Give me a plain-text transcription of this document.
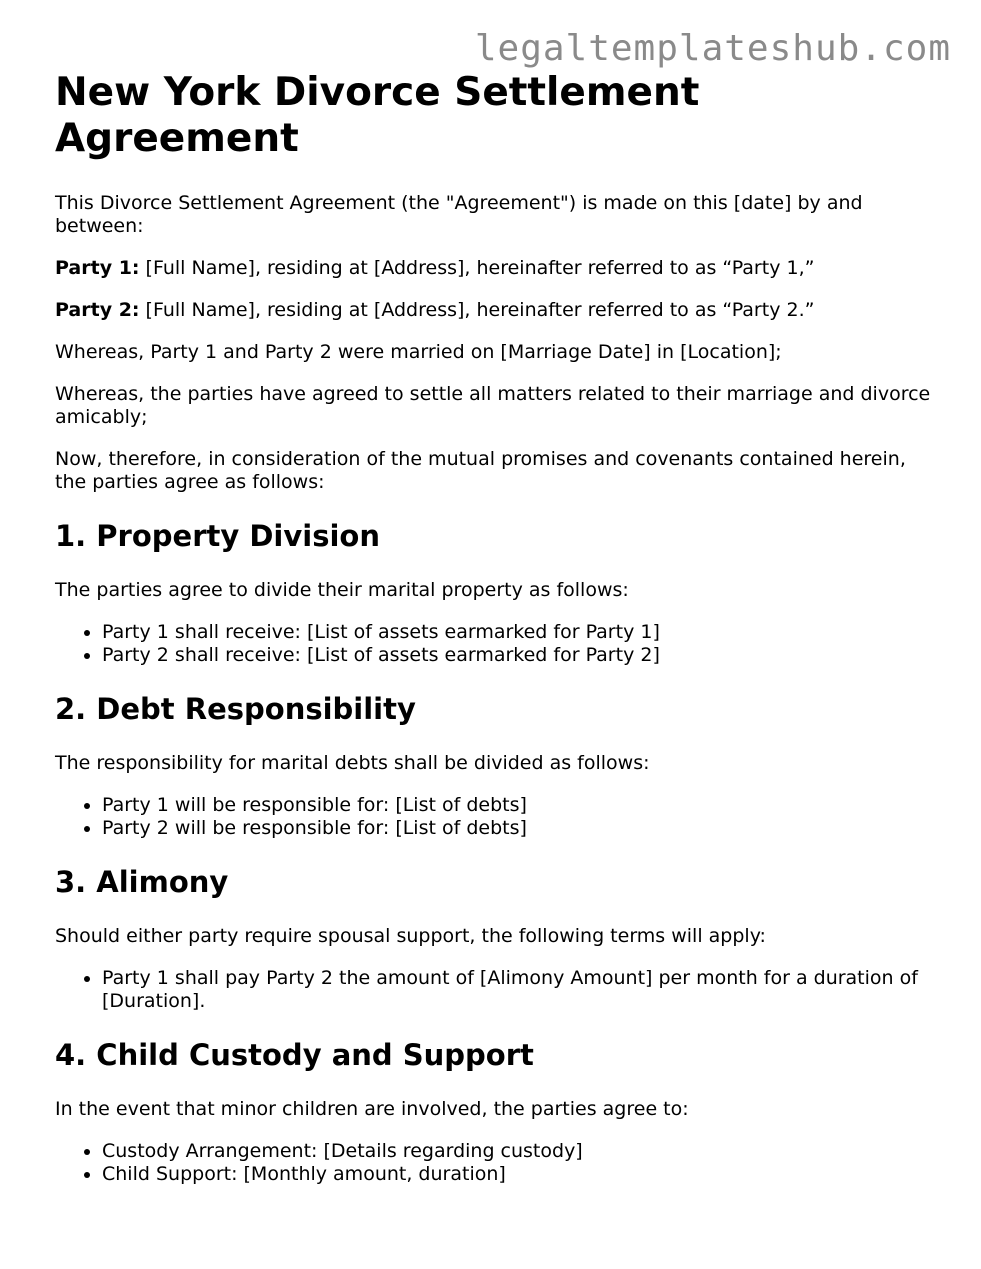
legaltemplateshub.com
New York Divorce Settlement Agreement

This Divorce Settlement Agreement (the "Agreement") is made on this [date] by and between:

Party 1: [Full Name], residing at [Address], hereinafter referred to as “Party 1,”

Party 2: [Full Name], residing at [Address], hereinafter referred to as “Party 2.”

Whereas, Party 1 and Party 2 were married on [Marriage Date] in [Location];

Whereas, the parties have agreed to settle all matters related to their marriage and divorce amicably;

Now, therefore, in consideration of the mutual promises and covenants contained herein, the parties agree as follows:

1. Property Division

The parties agree to divide their marital property as follows:

• Party 1 shall receive: [List of assets earmarked for Party 1]
• Party 2 shall receive: [List of assets earmarked for Party 2]
2. Debt Responsibility

The responsibility for marital debts shall be divided as follows:

• Party 1 will be responsible for: [List of debts]
• Party 2 will be responsible for: [List of debts]
3. Alimony

Should either party require spousal support, the following terms will apply:

• Party 1 shall pay Party 2 the amount of [Alimony Amount] per month for a duration of [Duration].
4. Child Custody and Support

In the event that minor children are involved, the parties agree to:

• Custody Arrangement: [Details regarding custody]
• Child Support: [Monthly amount, duration]
